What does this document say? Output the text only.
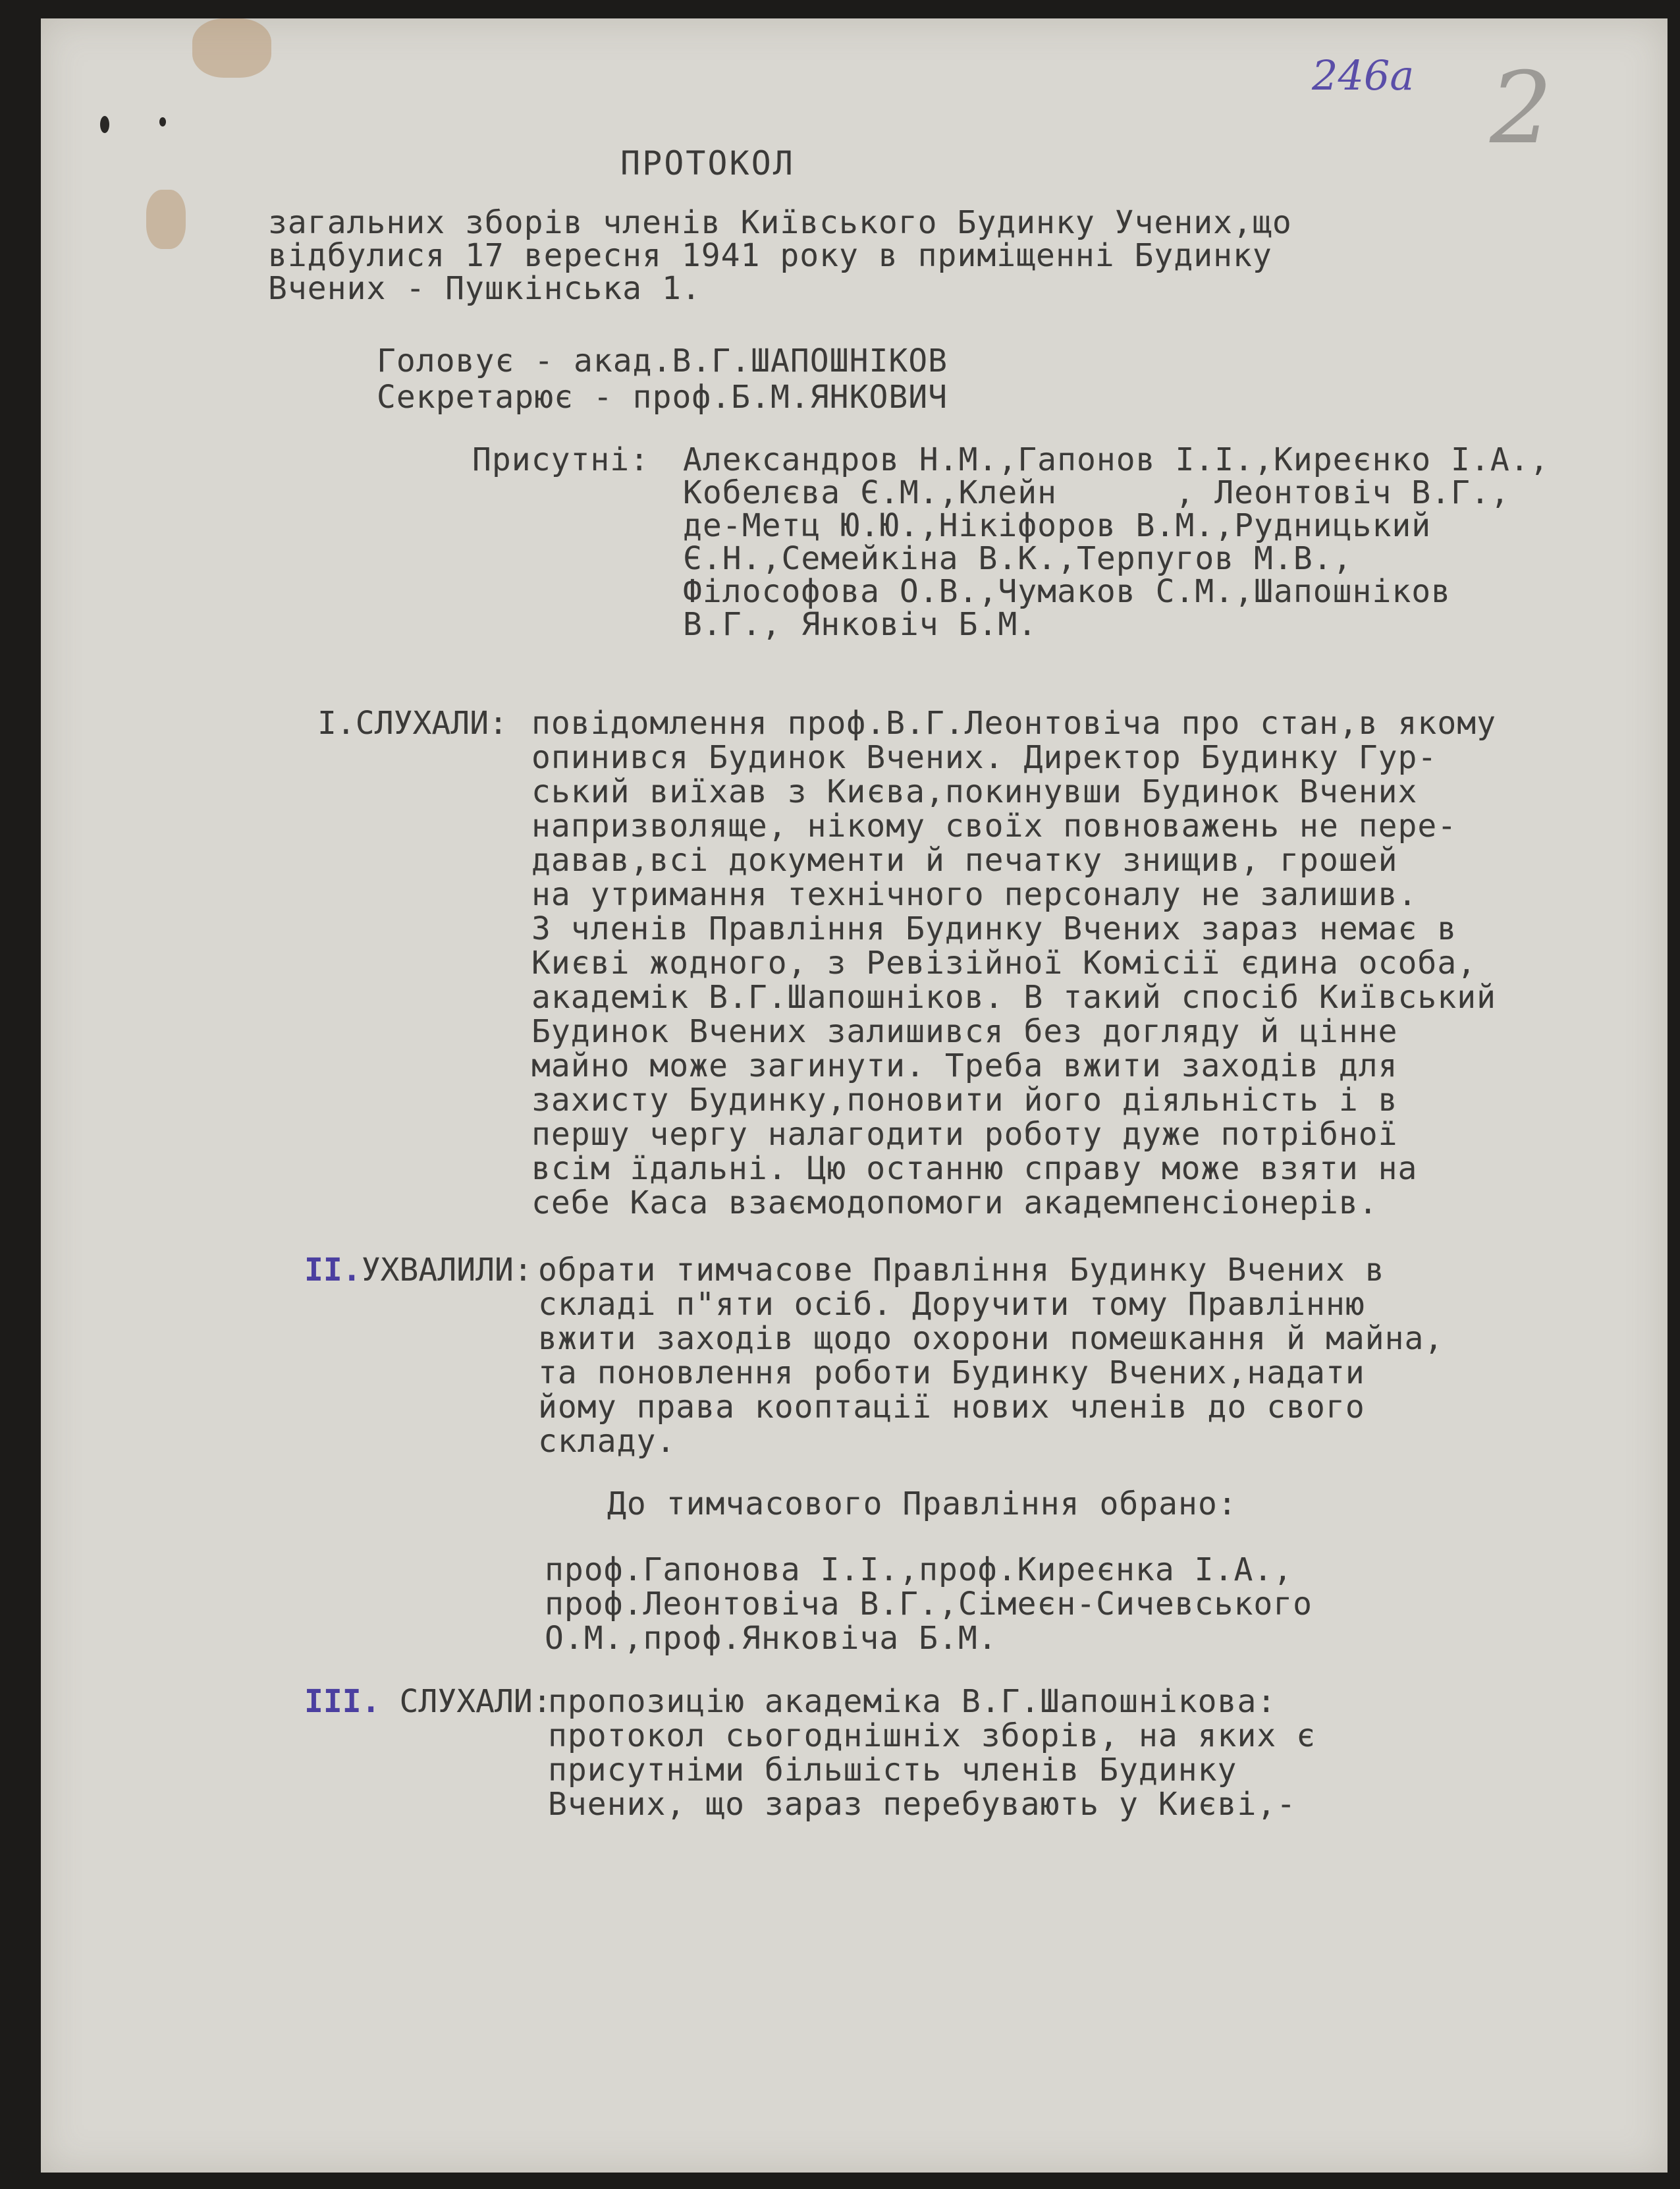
246а 2
ПРОТОКОЛ
загальних зборів членів Київського Будинку Учених,що
відбулися 17 вересня 1941 року в приміщенні Будинку
Вчених - Пушкінська 1.
Головує - акад.В.Г.ШАПОШНІКОВ
Секретарює - проф.Б.М.ЯНКОВИЧ
Присутні: Александров Н.М.,Гапонов І.І.,Киреєнко І.А.,
Кобелєва Є.М.,Клейн      , Леонтовіч В.Г.,
де-Метц Ю.Ю.,Нікіфоров В.М.,Рудницький
Є.Н.,Семейкіна В.К.,Терпугов М.В.,
Філософова О.В.,Чумаков С.М.,Шапошніков
В.Г., Янковіч Б.М.
I.СЛУХАЛИ: повідомлення проф.В.Г.Леонтовіча про стан,в якому
опинився Будинок Вчених. Директор Будинку Гур-
ський виїхав з Києва,покинувши Будинок Вчених
напризволяще, нікому своїх повноважень не пере-
давав,всі документи й печатку знищив, грошей
на утримання технічного персоналу не залишив.
З членів Правління Будинку Вчених зараз немає в
Києві жодного, з Ревізійної Комісії єдина особа,
академік В.Г.Шапошніков. В такий спосіб Київський
Будинок Вчених залишився без догляду й цінне
майно може загинути. Треба вжити заходів для
захисту Будинку,поновити його діяльність і в
першу чергу налагодити роботу дуже потрібної
всім їдальні. Цю останню справу може взяти на
себе Каса взаємодопомоги академпенсіонерів.
II.УХВАЛИЛИ: обрати тимчасове Правління Будинку Вчених в
складі п"яти осіб. Доручити тому Правлінню
вжити заходів щодо охорони помешкання й майна,
та поновлення роботи Будинку Вчених,надати
йому права кооптації нових членів до свого
складу.
До тимчасового Правління обрано:
проф.Гапонова І.І.,проф.Киреєнка І.А.,
проф.Леонтовіча В.Г.,Сімеєн-Сичевського
О.М.,проф.Янковіча Б.М.
III. СЛУХАЛИ:
пропозицію академіка В.Г.Шапошнікова:
протокол сьогоднішніх зборів, на яких є
присутніми більшість членів Будинку
Вчених, що зараз перебувають у Києві,-
